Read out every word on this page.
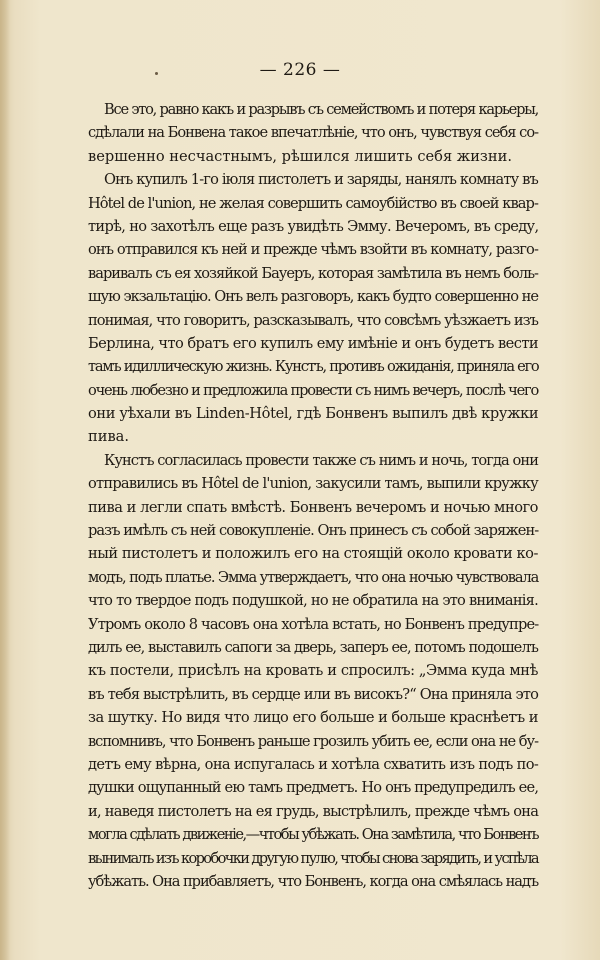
— 226 —
Все это, равно какъ и разрывъ съ семействомъ и потеря карьеры,
сдѣлали на Бонвена такое впечатлѣніе, что онъ, чувствуя себя со-
вершенно несчастнымъ, рѣшился лишить себя жизни.
Онъ купилъ 1-го іюля пистолетъ и заряды, нанялъ комнату въ
Hôtel de l'union, не желая совершить самоубійство въ своей квар-
тирѣ, но захотѣлъ еще разъ увидѣть Эмму. Вечеромъ, въ среду,
онъ отправился къ ней и прежде чѣмъ взойти въ комнату, разго-
варивалъ съ ея хозяйкой Бауеръ, которая замѣтила въ немъ боль-
шую экзальтацію. Онъ велъ разговоръ, какъ будто совершенно не
понимая, что говоритъ, разсказывалъ, что совсѣмъ уѣзжаетъ изъ
Берлина, что братъ его купилъ ему имѣніе и онъ будетъ вести
тамъ идиллическую жизнь. Кунстъ, противъ ожиданія, приняла его
очень любезно и предложила провести съ нимъ вечеръ, послѣ чего
они уѣхали въ Linden-Hôtel, гдѣ Бонвенъ выпилъ двѣ кружки
пива.
Кунстъ согласилась провести также съ нимъ и ночь, тогда они
отправились въ Hôtel de l'union, закусили тамъ, выпили кружку
пива и легли спать вмѣстѣ. Бонвенъ вечеромъ и ночью много
разъ имѣлъ съ ней совокупленіе. Онъ принесъ съ собой заряжен-
ный пистолетъ и положилъ его на стоящій около кровати ко-
модъ, подъ платье. Эмма утверждаетъ, что она ночью чувствовала
что то твердое подъ подушкой, но не обратила на это вниманія.
Утромъ около 8 часовъ она хотѣла встать, но Бонвенъ предупре-
дилъ ее, выставилъ сапоги за дверь, заперъ ее, потомъ подошелъ
къ постели, присѣлъ на кровать и спросилъ: „Эмма куда мнѣ
въ тебя выстрѣлить, въ сердце или въ високъ?“ Она приняла это
за шутку. Но видя что лицо его больше и больше краснѣетъ и
вспомнивъ, что Бонвенъ раньше грозилъ убить ее, если она не бу-
детъ ему вѣрна, она испугалась и хотѣла схватить изъ подъ по-
душки ощупанный ею тамъ предметъ. Но онъ предупредилъ ее,
и, наведя пистолетъ на ея грудь, выстрѣлилъ, прежде чѣмъ она
могла сдѣлать движеніе,—чтобы убѣжать. Она замѣтила, что Бонвенъ
вынималъ изъ коробочки другую пулю, чтобы снова зарядить, и успѣла
убѣжать. Она прибавляетъ, что Бонвенъ, когда она смѣялась надъ
